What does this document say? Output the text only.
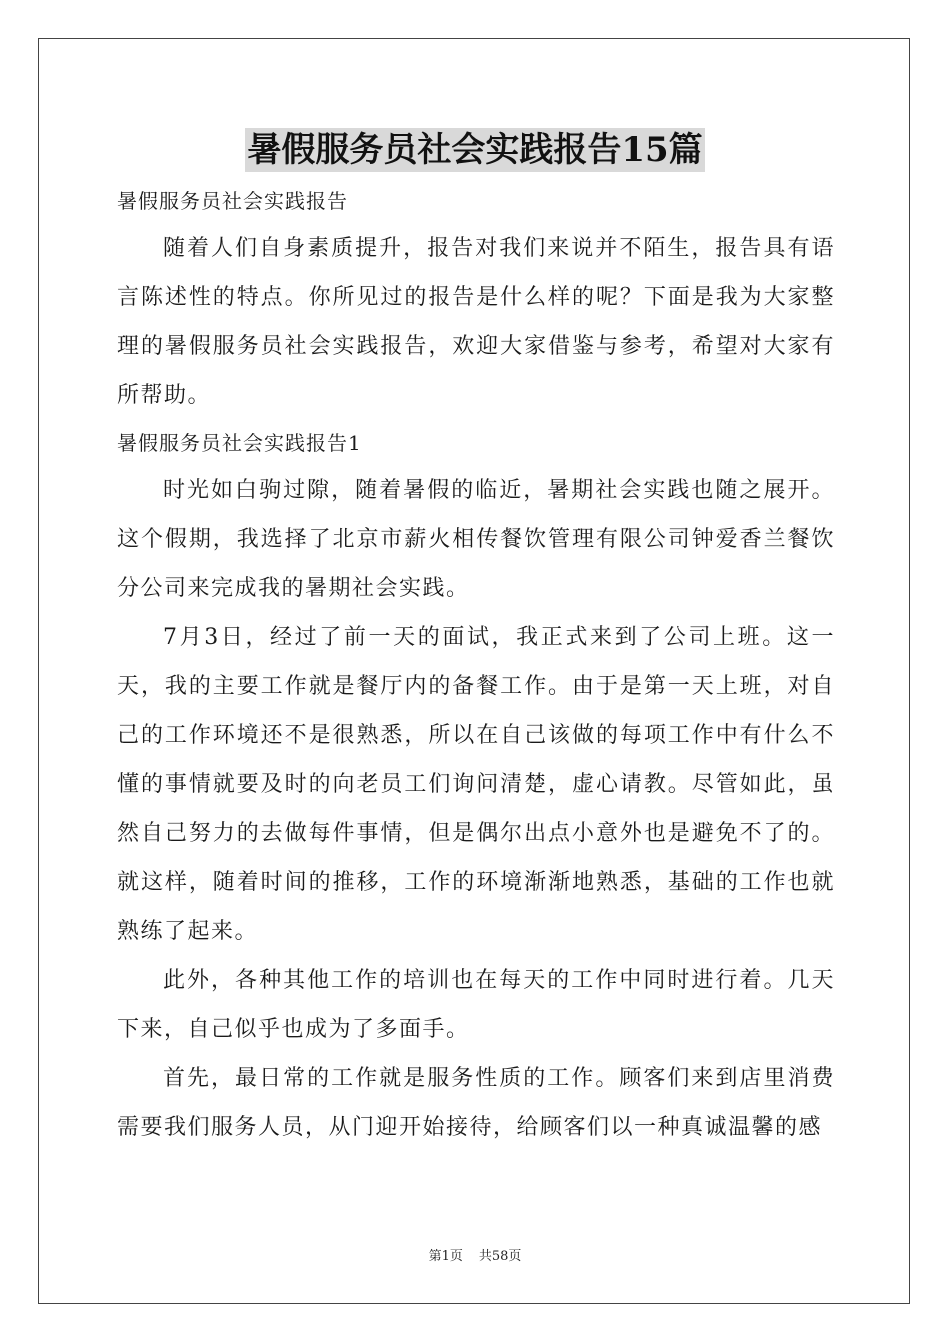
暑假服务员社会实践报告15篇

暑假服务员社会实践报告

随着人们自身素质提升，报告对我们来说并不陌生，报告具有语言陈述性的特点。你所见过的报告是什么样的呢？下面是我为大家整理的暑假服务员社会实践报告，欢迎大家借鉴与参考，希望对大家有所帮助。

暑假服务员社会实践报告1

时光如白驹过隙，随着暑假的临近，暑期社会实践也随之展开。这个假期，我选择了北京市薪火相传餐饮管理有限公司钟爱香兰餐饮分公司来完成我的暑期社会实践。

7月3日，经过了前一天的面试，我正式来到了公司上班。这一天，我的主要工作就是餐厅内的备餐工作。由于是第一天上班，对自己的工作环境还不是很熟悉，所以在自己该做的每项工作中有什么不懂的事情就要及时的向老员工们询问清楚，虚心请教。尽管如此，虽然自己努力的去做每件事情，但是偶尔出点小意外也是避免不了的。就这样，随着时间的推移，工作的环境渐渐地熟悉，基础的工作也就熟练了起来。

此外，各种其他工作的培训也在每天的工作中同时进行着。几天下来，自己似乎也成为了多面手。

首先，最日常的工作就是服务性质的工作。顾客们来到店里消费需要我们服务人员，从门迎开始接待，给顾客们以一种真诚温馨的感

第1页 共58页
